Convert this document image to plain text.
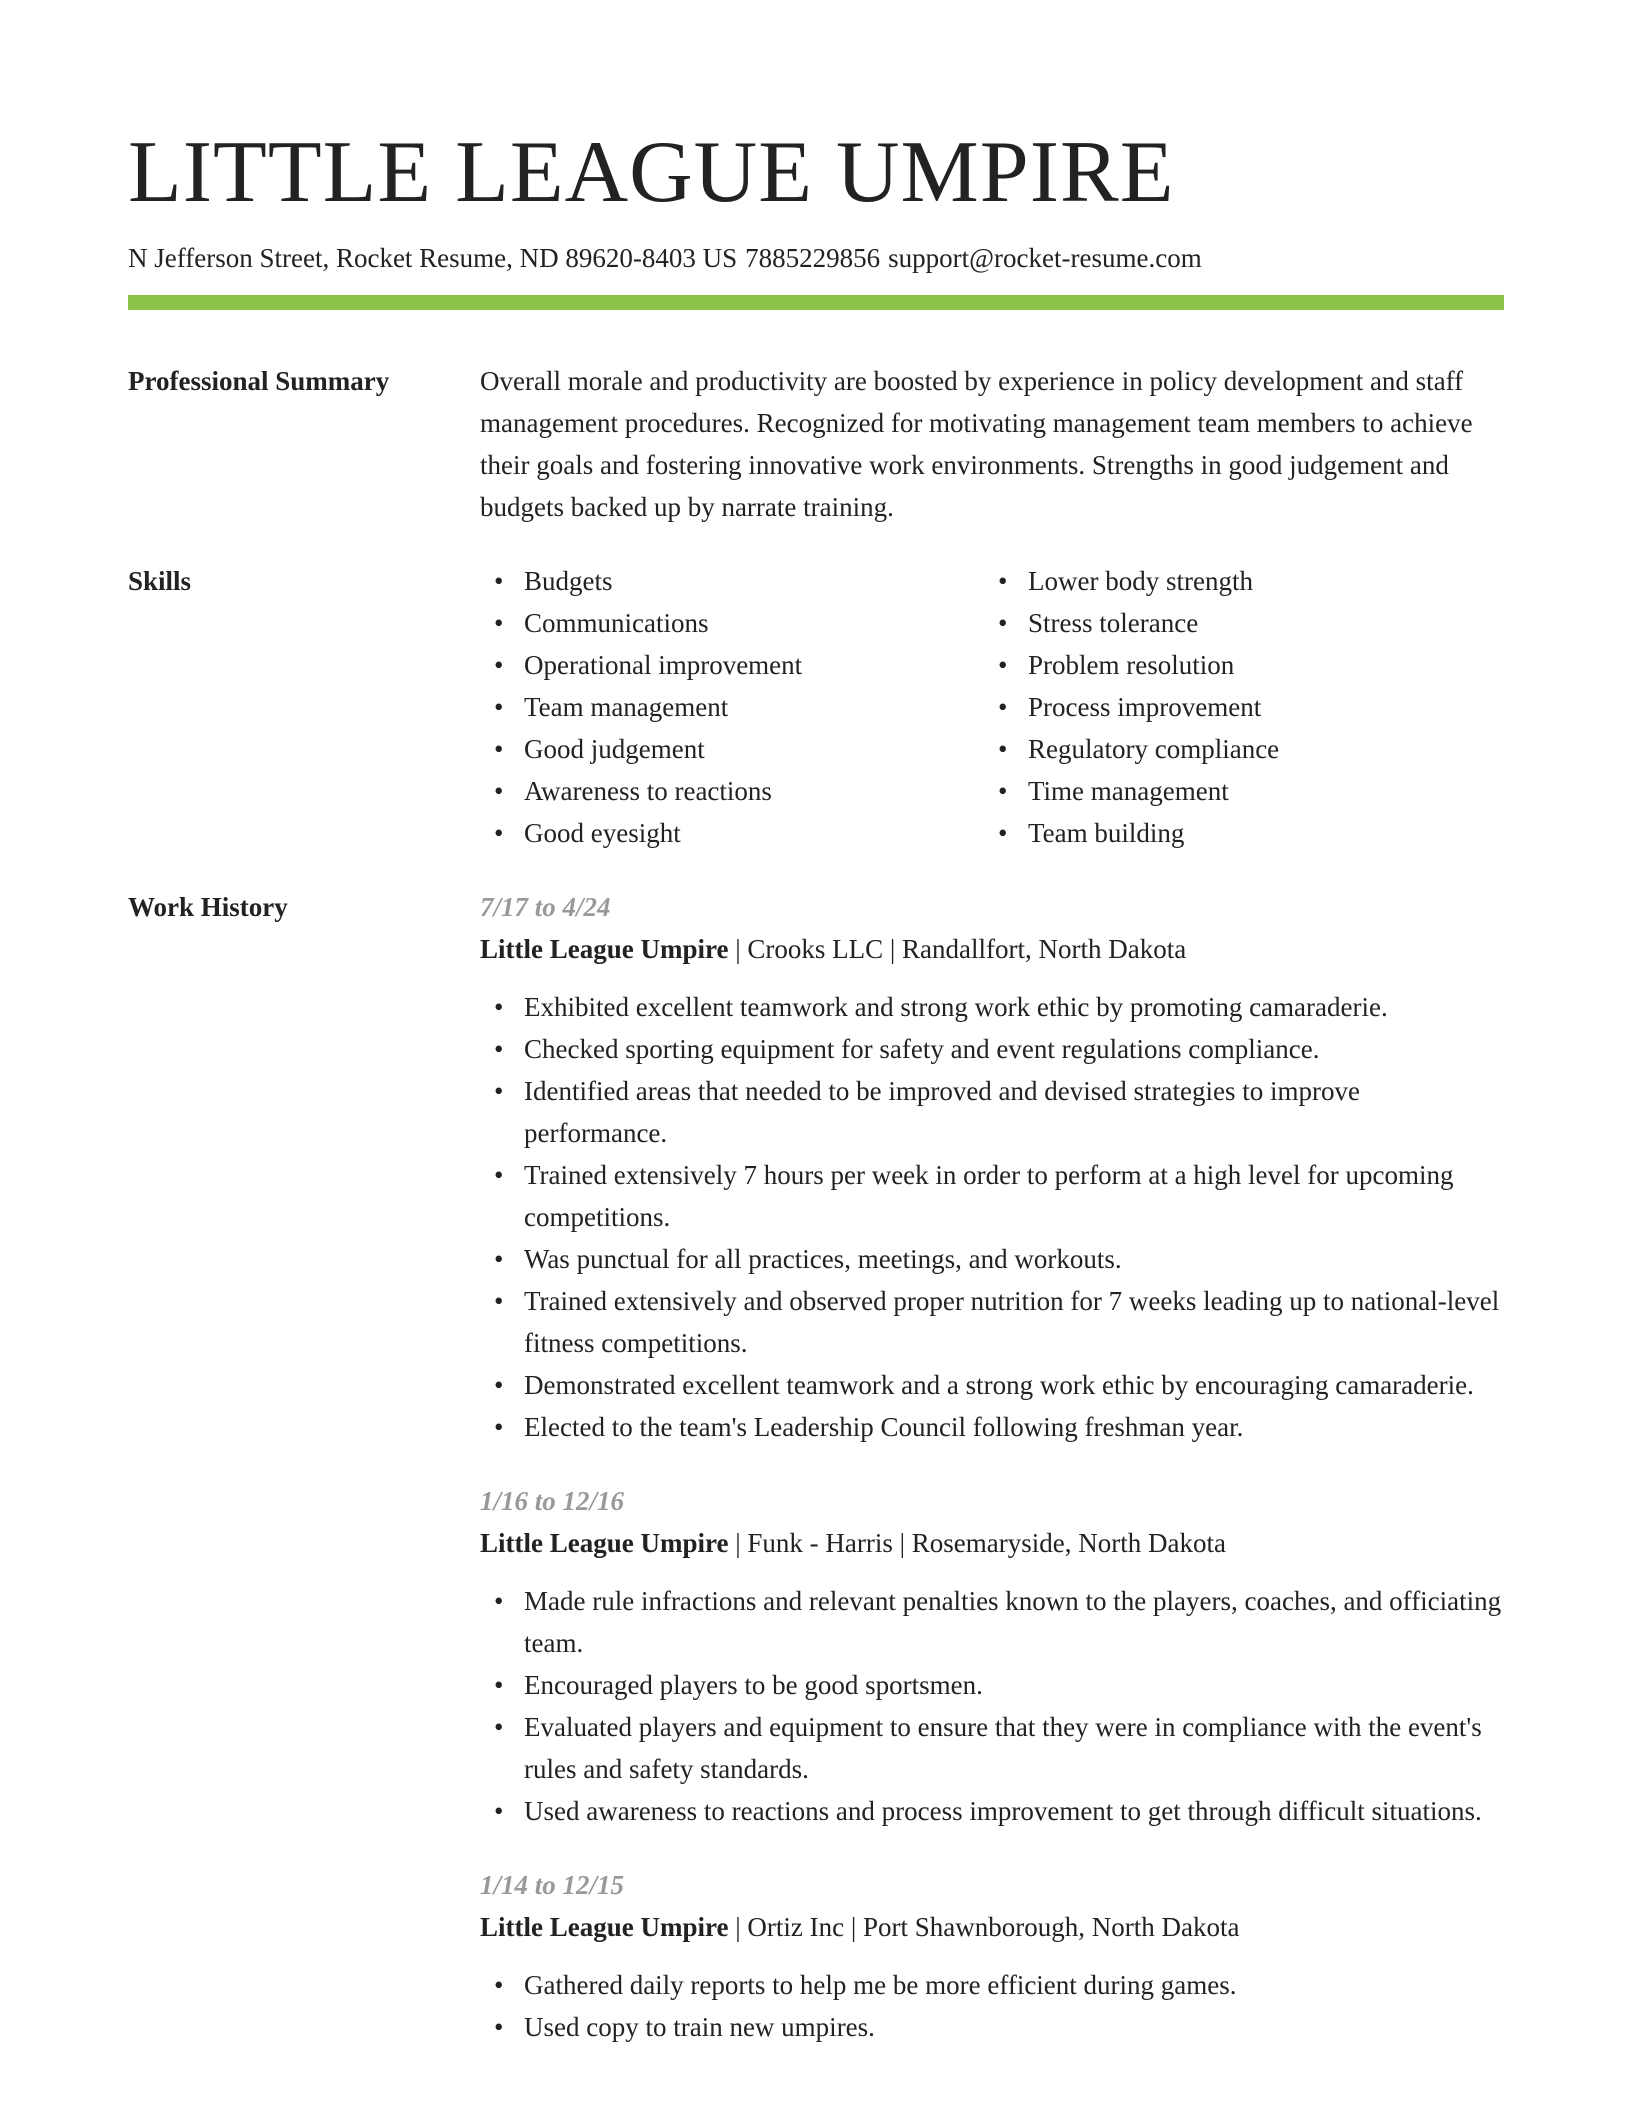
LITTLE LEAGUE UMPIRE
N Jefferson Street, Rocket Resume, ND 89620-8403 US 7885229856 support@rocket-resume.com
Professional Summary	Overall morale and productivity are boosted by experience in policy development and staff management procedures. Recognized for motivating management team members to achieve their goals and fostering innovative work environments. Strengths in good judgement and budgets backed up by narrate training.
Skills
•	Budgets
• Communications
• Operational improvement
• Team management
• Good judgement
• Awareness to reactions
• Good eyesight
• Lower body strength
• Stress tolerance
• Problem resolution
• Process improvement
• Regulatory compliance
• Time management
• Team building
Work History	7/17 to 4/24
Little League Umpire | Crooks LLC | Randallfort, North Dakota
• Exhibited excellent teamwork and strong work ethic by promoting camaraderie.
• Checked sporting equipment for safety and event regulations compliance.
• Identified areas that needed to be improved and devised strategies to improve performance.
• Trained extensively 7 hours per week in order to perform at a high level for upcoming competitions.
• Was punctual for all practices, meetings, and workouts.
• Trained extensively and observed proper nutrition for 7 weeks leading up to national-level fitness competitions.
• Demonstrated excellent teamwork and a strong work ethic by encouraging camaraderie.
• Elected to the team's Leadership Council following freshman year.
1/16 to 12/16
Little League Umpire | Funk - Harris | Rosemaryside, North Dakota
• Made rule infractions and relevant penalties known to the players, coaches, and officiating team.
• Encouraged players to be good sportsmen.
• Evaluated players and equipment to ensure that they were in compliance with the event's rules and safety standards.
• Used awareness to reactions and process improvement to get through difficult situations.
1/14 to 12/15
Little League Umpire | Ortiz Inc | Port Shawnborough, North Dakota
• Gathered daily reports to help me be more efficient during games.
• Used copy to train new umpires.
